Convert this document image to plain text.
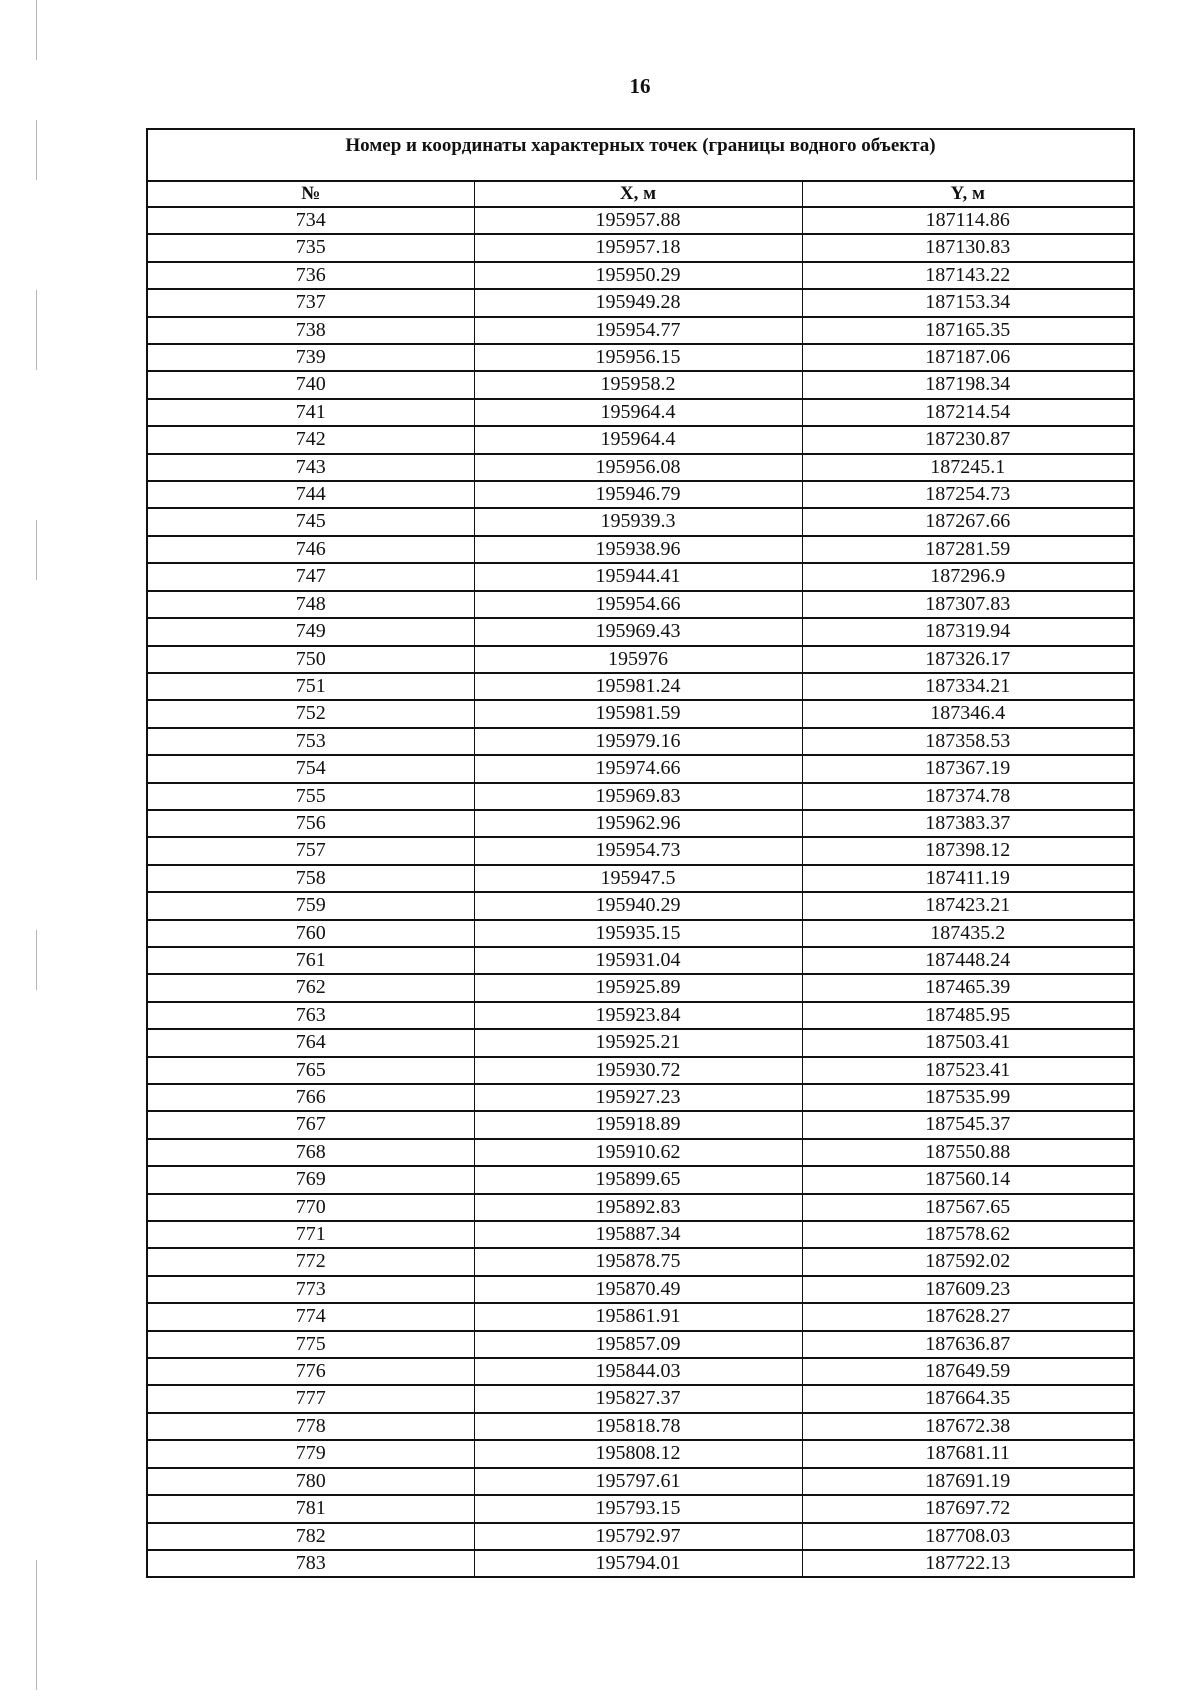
16
Номер и координаты характерных точек (границы водного объекта)		
№	X, м	Y, м
734	195957.88	187114.86
735	195957.18	187130.83
736	195950.29	187143.22
737	195949.28	187153.34
738	195954.77	187165.35
739	195956.15	187187.06
740	195958.2	187198.34
741	195964.4	187214.54
742	195964.4	187230.87
743	195956.08	187245.1
744	195946.79	187254.73
745	195939.3	187267.66
746	195938.96	187281.59
747	195944.41	187296.9
748	195954.66	187307.83
749	195969.43	187319.94
750	195976	187326.17
751	195981.24	187334.21
752	195981.59	187346.4
753	195979.16	187358.53
754	195974.66	187367.19
755	195969.83	187374.78
756	195962.96	187383.37
757	195954.73	187398.12
758	195947.5	187411.19
759	195940.29	187423.21
760	195935.15	187435.2
761	195931.04	187448.24
762	195925.89	187465.39
763	195923.84	187485.95
764	195925.21	187503.41
765	195930.72	187523.41
766	195927.23	187535.99
767	195918.89	187545.37
768	195910.62	187550.88
769	195899.65	187560.14
770	195892.83	187567.65
771	195887.34	187578.62
772	195878.75	187592.02
773	195870.49	187609.23
774	195861.91	187628.27
775	195857.09	187636.87
776	195844.03	187649.59
777	195827.37	187664.35
778	195818.78	187672.38
779	195808.12	187681.11
780	195797.61	187691.19
781	195793.15	187697.72
782	195792.97	187708.03
783	195794.01	187722.13
